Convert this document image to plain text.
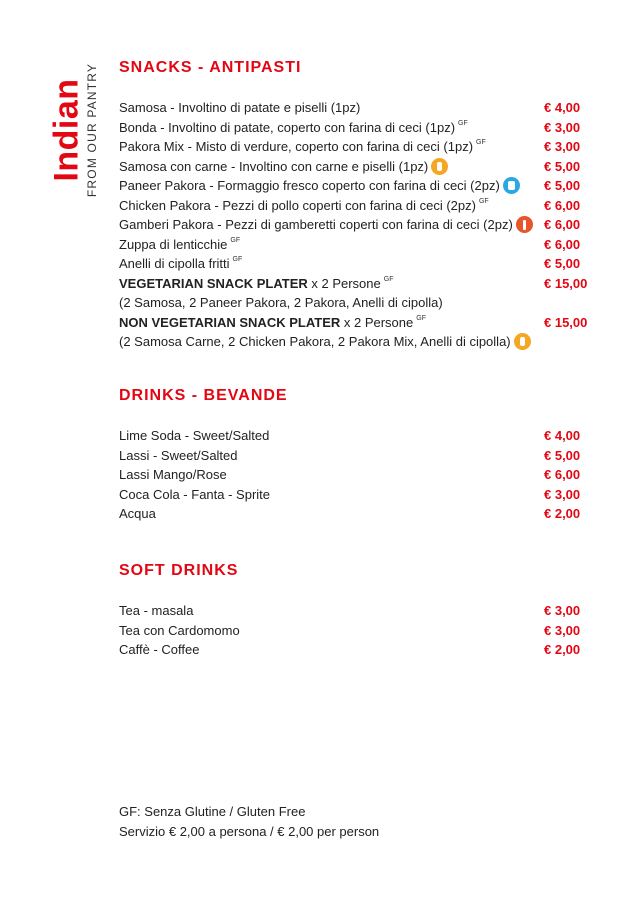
Indian FROM OUR PANTRY SNACKS - ANTIPASTI
Samosa - Involtino di patate e piselli (1pz)	€ 4,00
Bonda - Involtino di patate, coperto con farina di ceci (1pz) $^{GF}$	€ 3,00
Pakora Mix - Misto di verdure, coperto con farina di ceci (1pz) $^{GF}$	€ 3,00
Samosa con carne - Involtino con carne e piselli (1pz)	€ 5,00
Paneer Pakora - Formaggio fresco coperto con farina di ceci (2pz)	€ 5,00
Chicken Pakora - Pezzi di pollo coperti con farina di ceci (2pz) $^{GF}$	€ 6,00
Gamberi Pakora - Pezzi di gamberetti coperti con farina di ceci (2pz) € 6,00
Zuppa di lenticchie $^{GF}$	€ 6,00
Anelli di cipolla fritti $^{GF}$	€ 5,00
VEGETARIAN SNACK PLATER x 2 Persone $^{GF}$	€ 15,00
(2 Samosa, 2 Paneer Pakora, 2 Pakora, Anelli di cipolla)
NON VEGETARIAN SNACK PLATER x 2 Persone $^{GF}$	€ 15,00
(2 Samosa Carne, 2 Chicken Pakora, 2 Pakora Mix, Anelli di cipolla)
DRINKS - BEVANDE
Lime Soda - Sweet/Salted	€ 4,00
Lassi - Sweet/Salted	€ 5,00
Lassi Mango/Rose	€ 6,00
Coca Cola - Fanta - Sprite	€ 3,00
Acqua	€ 2,00
SOFT DRINKS
Tea - masala	€ 3,00
Tea con Cardomomo	€ 3,00
Caffè - Coffee	€ 2,00
GF: Senza Glutine / Gluten Free
Servizio € 2,00 a persona / € 2,00 per person
